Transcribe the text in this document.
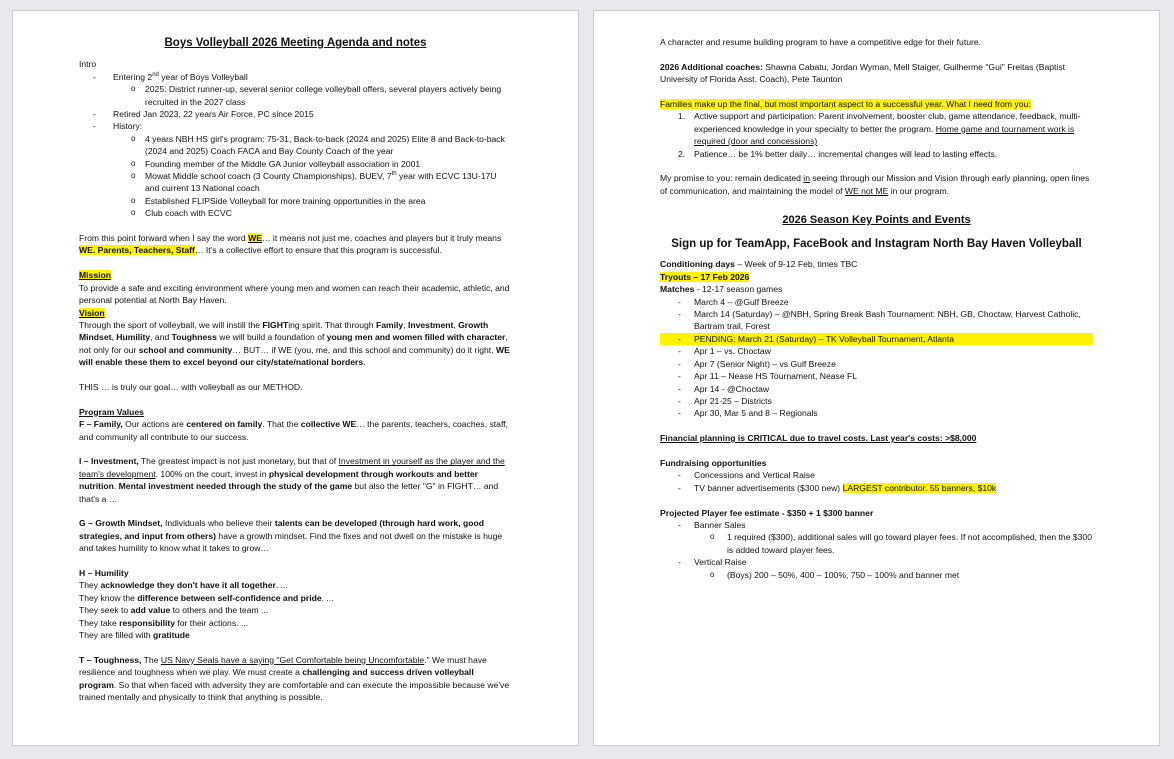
Boys Volleyball 2026 Meeting Agenda and notes

Intro

- Entering 2nd year of Boys Volleyball
o 2025: District runner-up, several senior college volleyball offers, several players actively being recruited in the 2027 class
- Retired Jan 2023, 22 years Air Force, PC since 2015
- History:
o 4 years NBH HS girl's program: 75-31, Back-to-back (2024 and 2025) Elite 8 and Back-to-back (2024 and 2025) Coach FACA and Bay County Coach of the year
o Founding member of the Middle GA Junior volleyball association in 2001
o Mowat Middle school coach (3 County Championships), BUEV, 7th year with ECVC 13U-17U and current 13 National coach
o Established FLIPSide Volleyball for more training opportunities in the area
o Club coach with ECVC

From this point forward when I say the word WE… it means not just me, coaches and players but it truly means WE. Parents, Teachers, Staff… It's a collective effort to ensure that this program is successful.

Mission

To provide a safe and exciting environment where young men and women can reach their academic, athletic, and personal potential at North Bay Haven.

Vision

Through the sport of volleyball, we will instill the FIGHTing spirit. That through Family, Investment, Growth Mindset, Humility, and Toughness we will build a foundation of young men and women filled with character, not only for our school and community… BUT… if WE (you, me, and this school and community) do it right, WE will enable these them to excel beyond our city/state/national borders.

THIS … is truly our goal… with volleyball as our METHOD.

Program Values

F – Family, Our actions are centered on family. That the collective WE… the parents, teachers, coaches, staff, and community all contribute to our success.

I – Investment, The greatest impact is not just monetary, but that of Investment in yourself as the player and the team's development. 100% on the court, invest in physical development through workouts and better nutrition. Mental investment needed through the study of the game but also the letter "G" in FIGHT… and that's a …

G – Growth Mindset, Individuals who believe their talents can be developed (through hard work, good strategies, and input from others) have a growth mindset. Find the fixes and not dwell on the mistake is huge and takes humility to know what it takes to grow…

H – Humility

They acknowledge they don't have it all together. ...

They know the difference between self-confidence and pride. ...

They seek to add value to others and the team ...

They take responsibility for their actions. ...

They are filled with gratitude

T – Toughness, The US Navy Seals have a saying "Get Comfortable being Uncomfortable." We must have resilience and toughness when we play. We must create a challenging and success driven volleyball program. So that when faced with adversity they are comfortable and can execute the impossible because we've trained mentally and physically to think that anything is possible.

A character and resume building program to have a competitive edge for their future.

2026 Additional coaches: Shawna Cabatu, Jordan Wyman, Mell Staiger, Guilherme "Gui" Freitas (Baptist University of Florida Asst. Coach), Pete Taunton

Families make up the final, but most important aspect to a successful year. What I need from you:

1. Active support and participation: Parent involvement, booster club, game attendance, feedback, multi-experienced knowledge in your specialty to better the program. Home game and tournament work is required (door and concessions)
2. Patience… be 1% better daily… incremental changes will lead to lasting effects.

My promise to you: remain dedicated in seeing through our Mission and Vision through early planning, open lines of communication, and maintaining the model of WE not ME in our program.

2026 Season Key Points and Events

Sign up for TeamApp, FaceBook and Instagram North Bay Haven Volleyball

Conditioning days – Week of 9-12 Feb, times TBC

Tryouts – 17 Feb 2026

Matches - 12-17 season games

- March 4 – @Gulf Breeze
- March 14 (Saturday) – @NBH, Spring Break Bash Tournament: NBH, GB, Choctaw, Harvest Catholic, Bartram trail, Forest
- PENDING: March 21 (Saturday) – TK Volleyball Tournament, Atlanta
- Apr 1 – vs. Choctaw
- Apr 7 (Senior Night) – vs Gulf Breeze
- Apr 11 – Nease HS Tournament, Nease FL
- Apr 14 - @Choctaw
- Apr 21-25 – Districts
- Apr 30, Mar 5 and 8 – Regionals

Financial planning is CRITICAL due to travel costs. Last year's costs: >$8,000

Fundraising opportunities

- Concessions and Vertical Raise
- TV banner advertisements ($300 new) LARGEST contributor. 55 banners, $10k

Projected Player fee estimate - $350 + 1 $300 banner

- Banner Sales
o 1 required ($300), additional sales will go toward player fees. If not accomplished, then the $300 is added toward player fees.
- Vertical Raise
o (Boys) 200 – 50%, 400 – 100%, 750 – 100% and banner met
